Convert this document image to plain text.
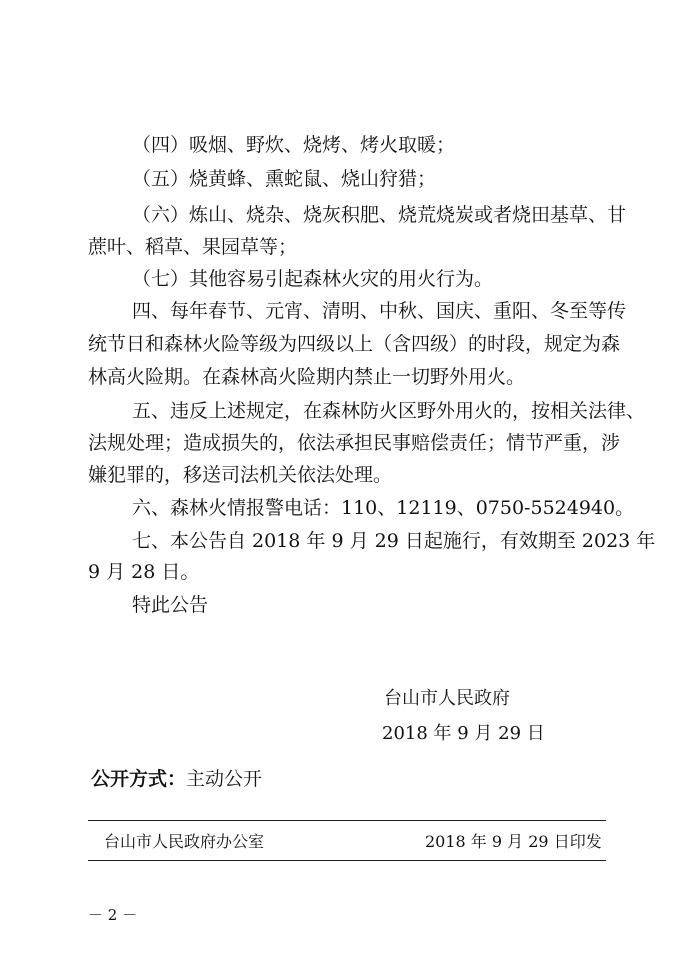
（四）吸烟、野炊、烧烤、烤火取暖；
（五）烧黄蜂、熏蛇鼠、烧山狩猎；
（六）炼山、烧杂、烧灰积肥、烧荒烧炭或者烧田基草、甘
蔗叶、稻草、果园草等；
（七）其他容易引起森林火灾的用火行为。
四、每年春节、元宵、清明、中秋、国庆、重阳、冬至等传
统节日和森林火险等级为四级以上（含四级）的时段，规定为森
林高火险期。在森林高火险期内禁止一切野外用火。
五、违反上述规定，在森林防火区野外用火的，按相关法律、
法规处理；造成损失的，依法承担民事赔偿责任；情节严重，涉
嫌犯罪的，移送司法机关依法处理。
六、森林火情报警电话：110、12119、0750-5524940。
七、本公告自 2018 年 9 月 29 日起施行，有效期至 2023 年
9 月 28 日。
特此公告
台山市人民政府
2018 年 9 月 29 日
公开方式：主动公开
台山市人民政府办公室	2018 年 9 月 29 日印发
－ 2 －
